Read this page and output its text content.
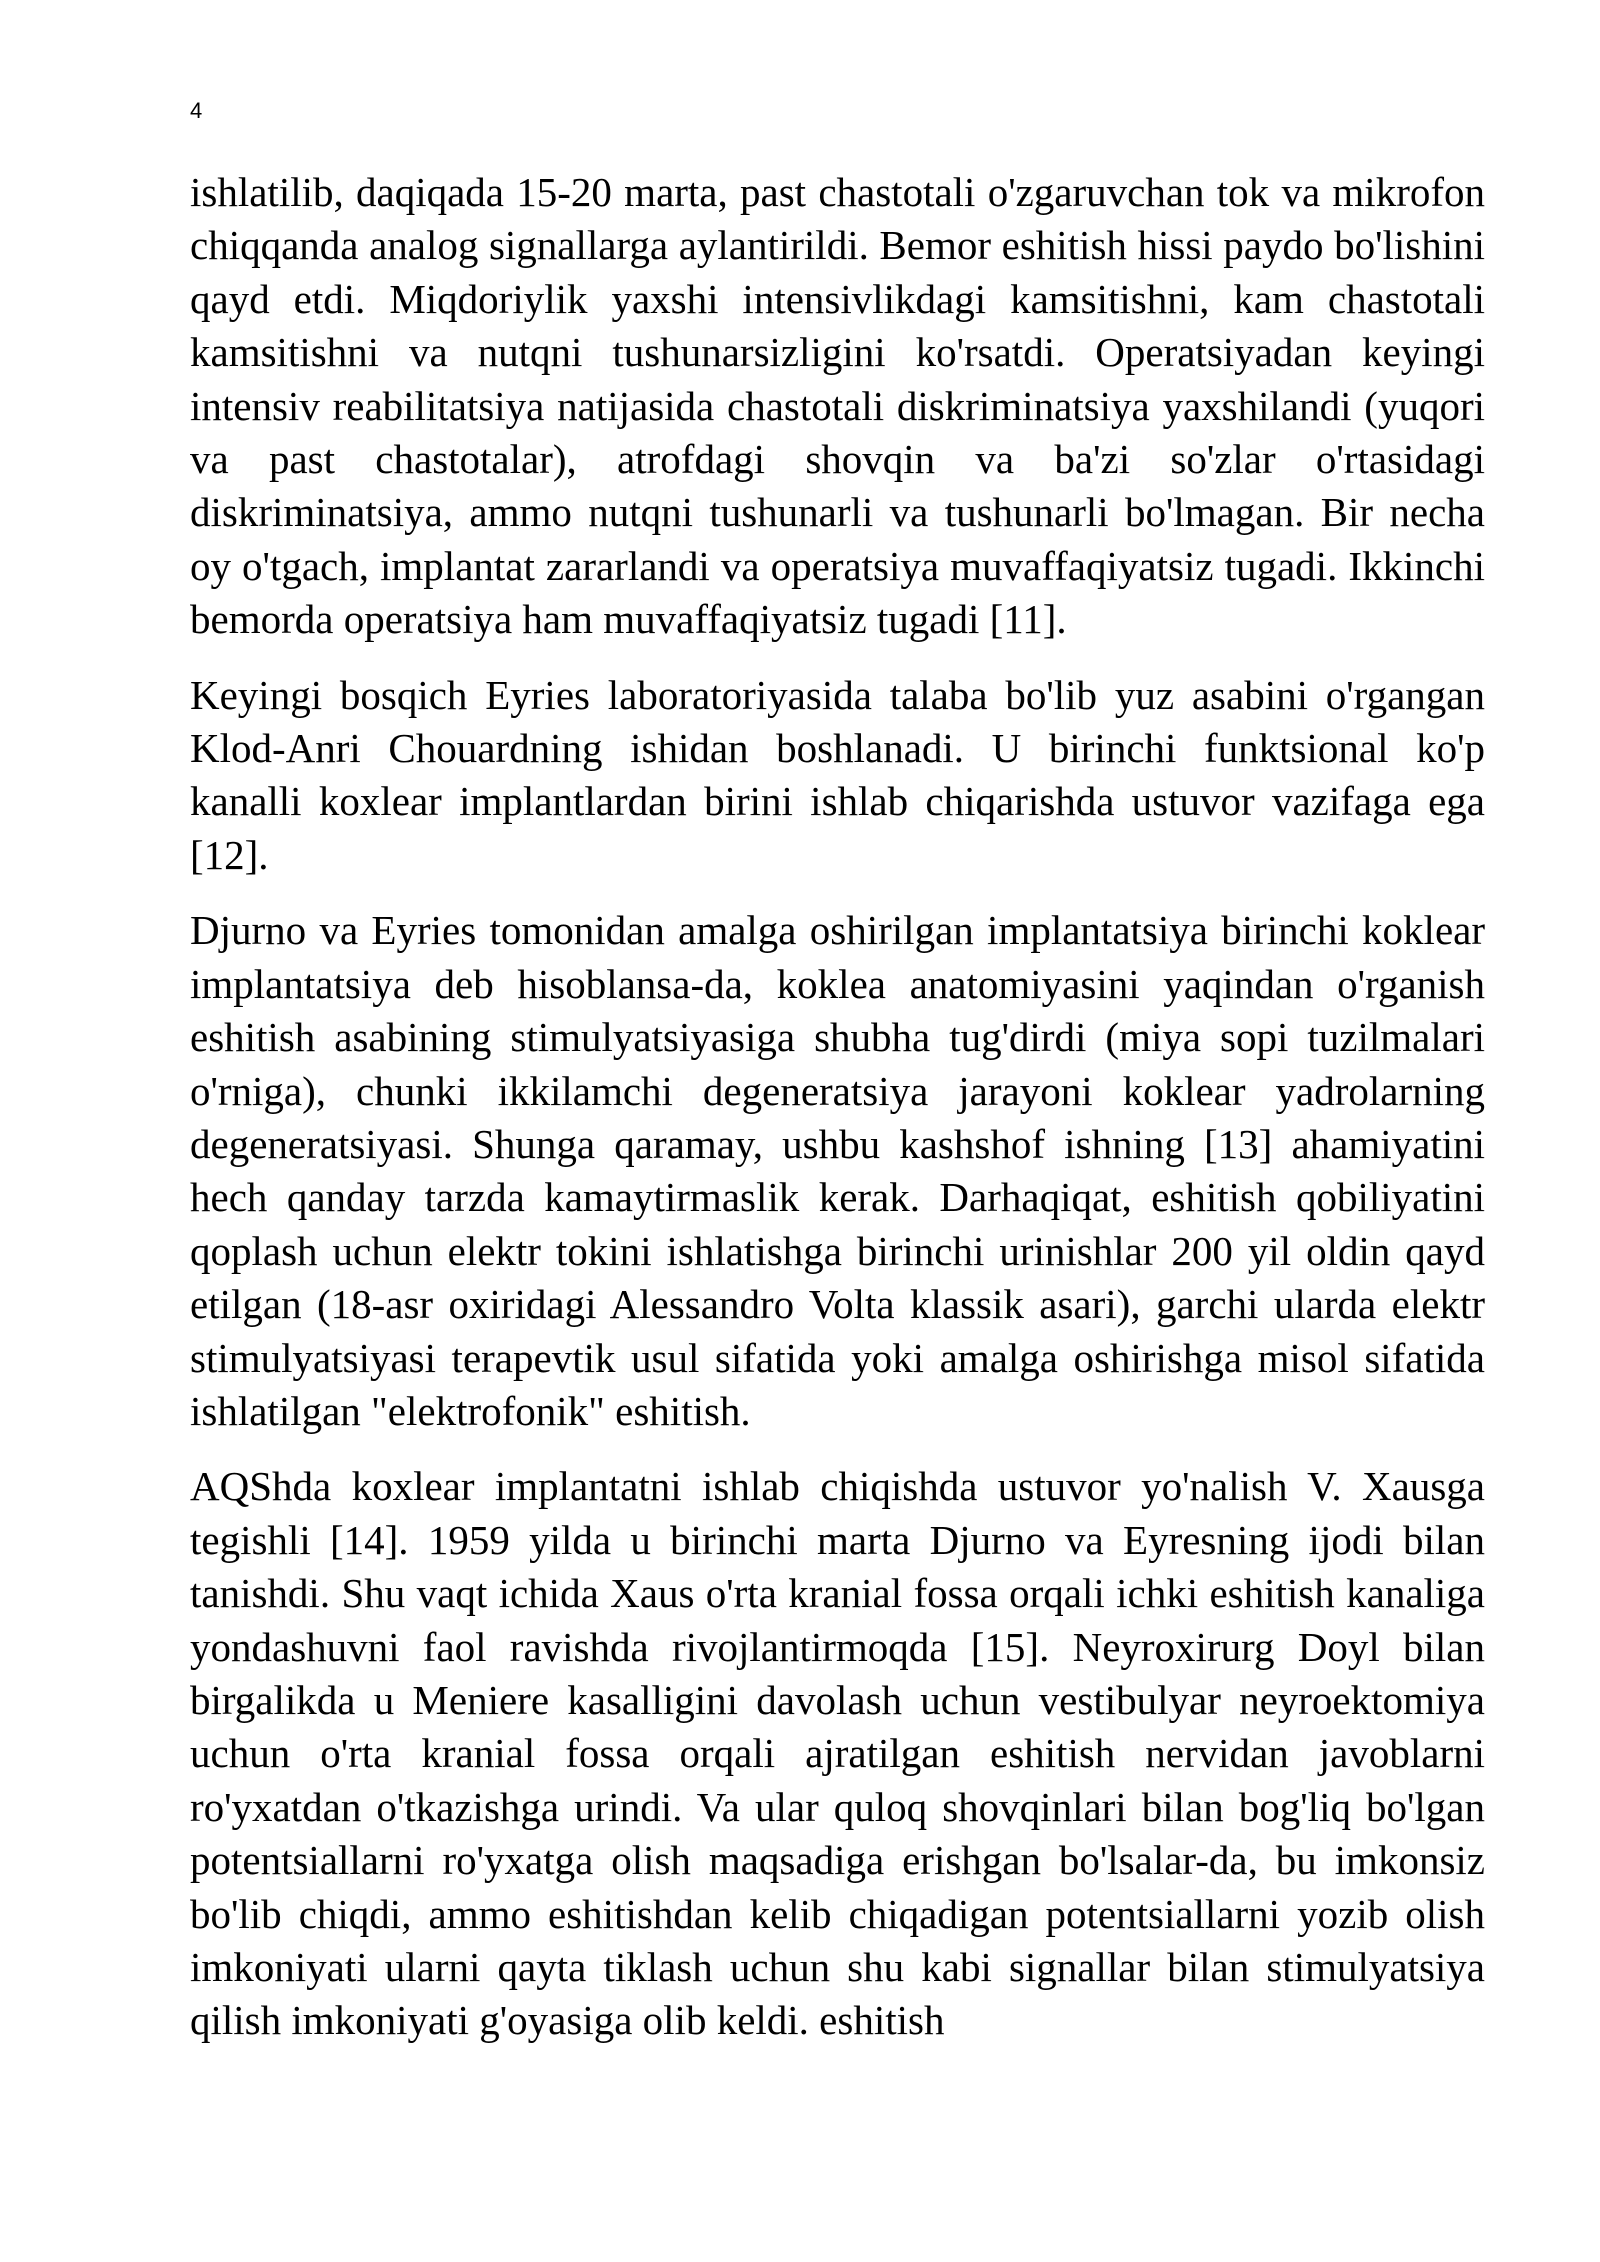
4

ishlatilib, daqiqada 15-20 marta, past chastotali o'zgaruvchan tok va mikrofon chiqqanda analog signallarga aylantirildi. Bemor eshitish hissi paydo bo'lishini qayd etdi. Miqdoriylik yaxshi intensivlikdagi kamsitishni, kam chastotali kamsitishni va nutqni tushunarsizligini ko'rsatdi. Operatsiyadan keyingi intensiv reabilitatsiya natijasida chastotali diskriminatsiya yaxshilandi (yuqori va past chastotalar), atrofdagi shovqin va ba'zi so'zlar o'rtasidagi diskriminatsiya, ammo nutqni tushunarli va tushunarli bo'lmagan. Bir necha oy o'tgach, implantat zararlandi va operatsiya muvaffaqiyatsiz tugadi. Ikkinchi bemorda operatsiya ham muvaffaqiyatsiz tugadi [11].

Keyingi bosqich Eyries laboratoriyasida talaba bo'lib yuz asabini o'rgangan Klod-Anri Chouardning ishidan boshlanadi. U birinchi funktsional ko'p kanalli koxlear implantlardan birini ishlab chiqarishda ustuvor vazifaga ega [12].

Djurno va Eyries tomonidan amalga oshirilgan implantatsiya birinchi koklear implantatsiya deb hisoblansa-da, koklea anatomiyasini yaqindan o'rganish eshitish asabining stimulyatsiyasiga shubha tug'dirdi (miya sopi tuzilmalari o'rniga), chunki ikkilamchi degeneratsiya jarayoni koklear yadrolarning degeneratsiyasi. Shunga qaramay, ushbu kashshof ishning [13] ahamiyatini hech qanday tarzda kamaytirmaslik kerak. Darhaqiqat, eshitish qobiliyatini qoplash uchun elektr tokini ishlatishga birinchi urinishlar 200 yil oldin qayd etilgan (18-asr oxiridagi Alessandro Volta klassik asari), garchi ularda elektr stimulyatsiyasi terapevtik usul sifatida yoki amalga oshirishga misol sifatida ishlatilgan "elektrofonik" eshitish.

AQShda koxlear implantatni ishlab chiqishda ustuvor yo'nalish V. Xausga tegishli [14]. 1959 yilda u birinchi marta Djurno va Eyresning ijodi bilan tanishdi. Shu vaqt ichida Xaus o'rta kranial fossa orqali ichki eshitish kanaliga yondashuvni faol ravishda rivojlantirmoqda [15]. Neyroxirurg Doyl bilan birgalikda u Meniere kasalligini davolash uchun vestibulyar neyroektomiya uchun o'rta kranial fossa orqali ajratilgan eshitish nervidan javoblarni ro'yxatdan o'tkazishga urindi. Va ular quloq shovqinlari bilan bog'liq bo'lgan potentsiallarni ro'yxatga olish maqsadiga erishgan bo'lsalar-da, bu imkonsiz bo'lib chiqdi, ammo eshitishdan kelib chiqadigan potentsiallarni yozib olish imkoniyati ularni qayta tiklash uchun shu kabi signallar bilan stimulyatsiya qilish imkoniyati g'oyasiga olib keldi. eshitish
